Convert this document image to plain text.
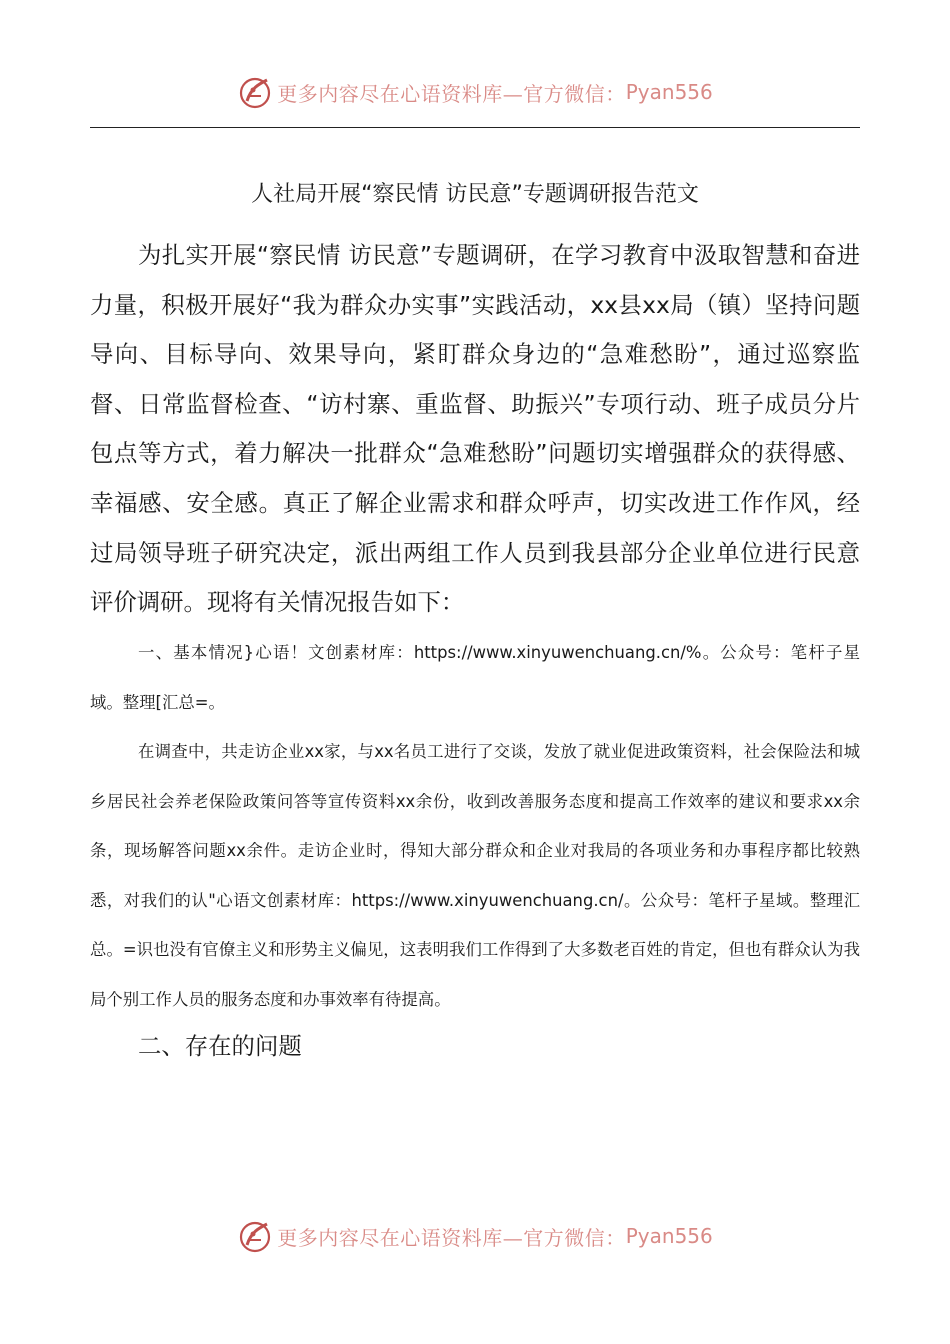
更多内容尽在心语资料库—官方微信： Pyan556
人社局开展“察民情 访民意”专题调研报告范文

为扎实开展“察民情 访民意”专题调研，在学习教育中汲取智慧和奋进力量，积极开展好“我为群众办实事”实践活动，xx县xx局（镇）坚持问题导向、目标导向、效果导向，紧盯群众身边的“急难愁盼”，通过巡察监督、日常监督检查、“访村寨、重监督、助振兴”专项行动、班子成员分片包点等方式，着力解决一批群众“急难愁盼”问题切实增强群众的获得感、幸福感、安全感。真正了解企业需求和群众呼声，切实改进工作作风，经过局领导班子研究决定，派出两组工作人员到我县部分企业单位进行民意评价调研。现将有关情况报告如下：

一、基本情况}心语！文创素材库：https://www.xinyuwenchuang.cn/%。公众号：笔杆子星域。整理[汇总=。

在调查中，共走访企业xx家，与xx名员工进行了交谈，发放了就业促进政策资料，社会保险法和城乡居民社会养老保险政策问答等宣传资料xx余份，收到改善服务态度和提高工作效率的建议和要求xx余条，现场解答问题xx余件。走访企业时，得知大部分群众和企业对我局的各项业务和办事程序都比较熟悉，对我们的认"心语文创素材库：https://www.xinyuwenchuang.cn/。公众号：笔杆子星域。整理汇总。=识也没有官僚主义和形势主义偏见，这表明我们工作得到了大多数老百姓的肯定，但也有群众认为我局个别工作人员的服务态度和办事效率有待提高。

二、存在的问题

更多内容尽在心语资料库—官方微信： Pyan556
